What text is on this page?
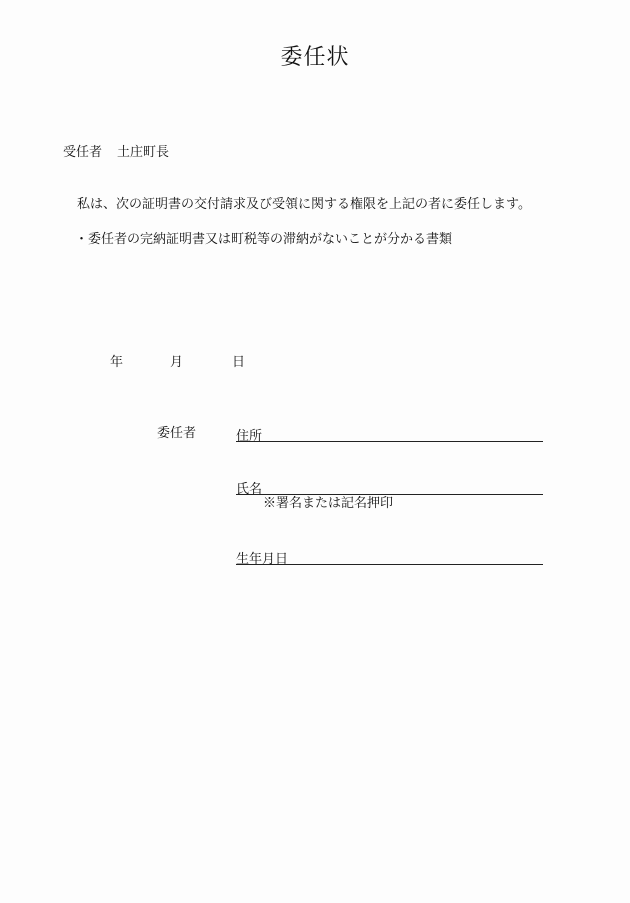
委任状
受任者 土庄町長
私は、次の証明書の交付請求及び受領に関する権限を上記の者に委任します。
・委任者の完納証明書又は町税等の滞納がないことが分かる書類
年	月	日
委任者	住所
氏名
※署名または記名押印
生年月日
